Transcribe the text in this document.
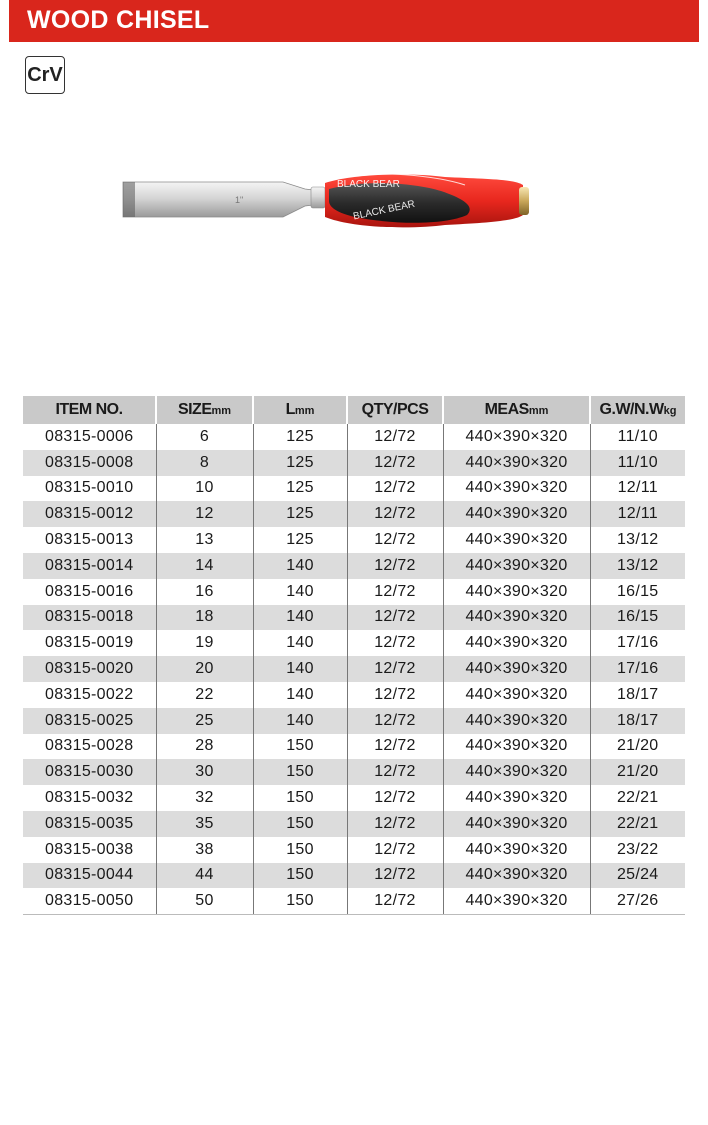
WOOD CHISEL
CrV
1"
BLACK BEAR
BLACK BEAR
ITEM NO.	SIZEmm	Lmm	QTY/PCS	MEASmm	G.W/N.Wkg
08315-0006	6	125	12/72	440×390×320	11/10
08315-0008	8	125	12/72	440×390×320	11/10
08315-0010	10	125	12/72	440×390×320	12/11
08315-0012	12	125	12/72	440×390×320	12/11
08315-0013	13	125	12/72	440×390×320	13/12
08315-0014	14	140	12/72	440×390×320	13/12
08315-0016	16	140	12/72	440×390×320	16/15
08315-0018	18	140	12/72	440×390×320	16/15
08315-0019	19	140	12/72	440×390×320	17/16
08315-0020	20	140	12/72	440×390×320	17/16
08315-0022	22	140	12/72	440×390×320	18/17
08315-0025	25	140	12/72	440×390×320	18/17
08315-0028	28	150	12/72	440×390×320	21/20
08315-0030	30	150	12/72	440×390×320	21/20
08315-0032	32	150	12/72	440×390×320	22/21
08315-0035	35	150	12/72	440×390×320	22/21
08315-0038	38	150	12/72	440×390×320	23/22
08315-0044	44	150	12/72	440×390×320	25/24
08315-0050	50	150	12/72	440×390×320	27/26
